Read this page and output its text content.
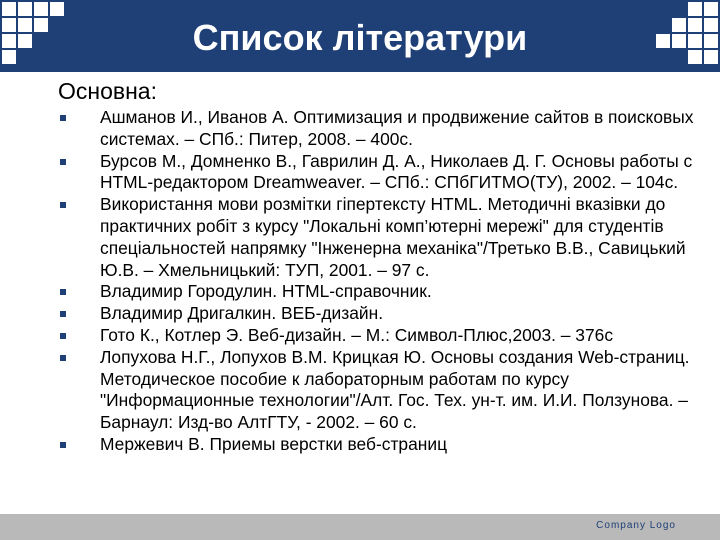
Список літератури

Основна:

Ашманов И., Иванов А. Оптимизация и продвижение сайтов в поисковых системах. – СПб.: Питер, 2008. – 400с.
Бурсов М., Домненко В., Гаврилин Д. А., Николаев Д. Г. Основы работы с HTML-редактором Dreamweaver. – СПб.: СПбГИТМО(ТУ), 2002. – 104с.
Використання мови розмітки гіпертексту HTML. Методичні вказівки до практичних робіт з курсу "Локальні комп’ютерні мережі" для студентів спеціальностей напрямку "Інженерна механіка"/Третько В.В., Савицький Ю.В. – Хмельницький: ТУП, 2001. – 97 с.
Владимир Городулин. HTML-справочник.
Владимир Дригалкин. ВЕБ-дизайн.
Гото К., Котлер Э. Веб-дизайн. – М.: Символ-Плюс,2003. – 376с
Лопухова Н.Г., Лопухов В.М. Крицкая Ю. Основы создания Web-страниц. Методическое пособие к лабораторным работам по курсу "Информационные технологии"/Алт. Гос. Тех. ун-т. им. И.И. Ползунова. – Барнаул: Изд-во АлтГТУ, - 2002. – 60 с.
Мержевич В. Приемы верстки веб-страниц
Company Logo
